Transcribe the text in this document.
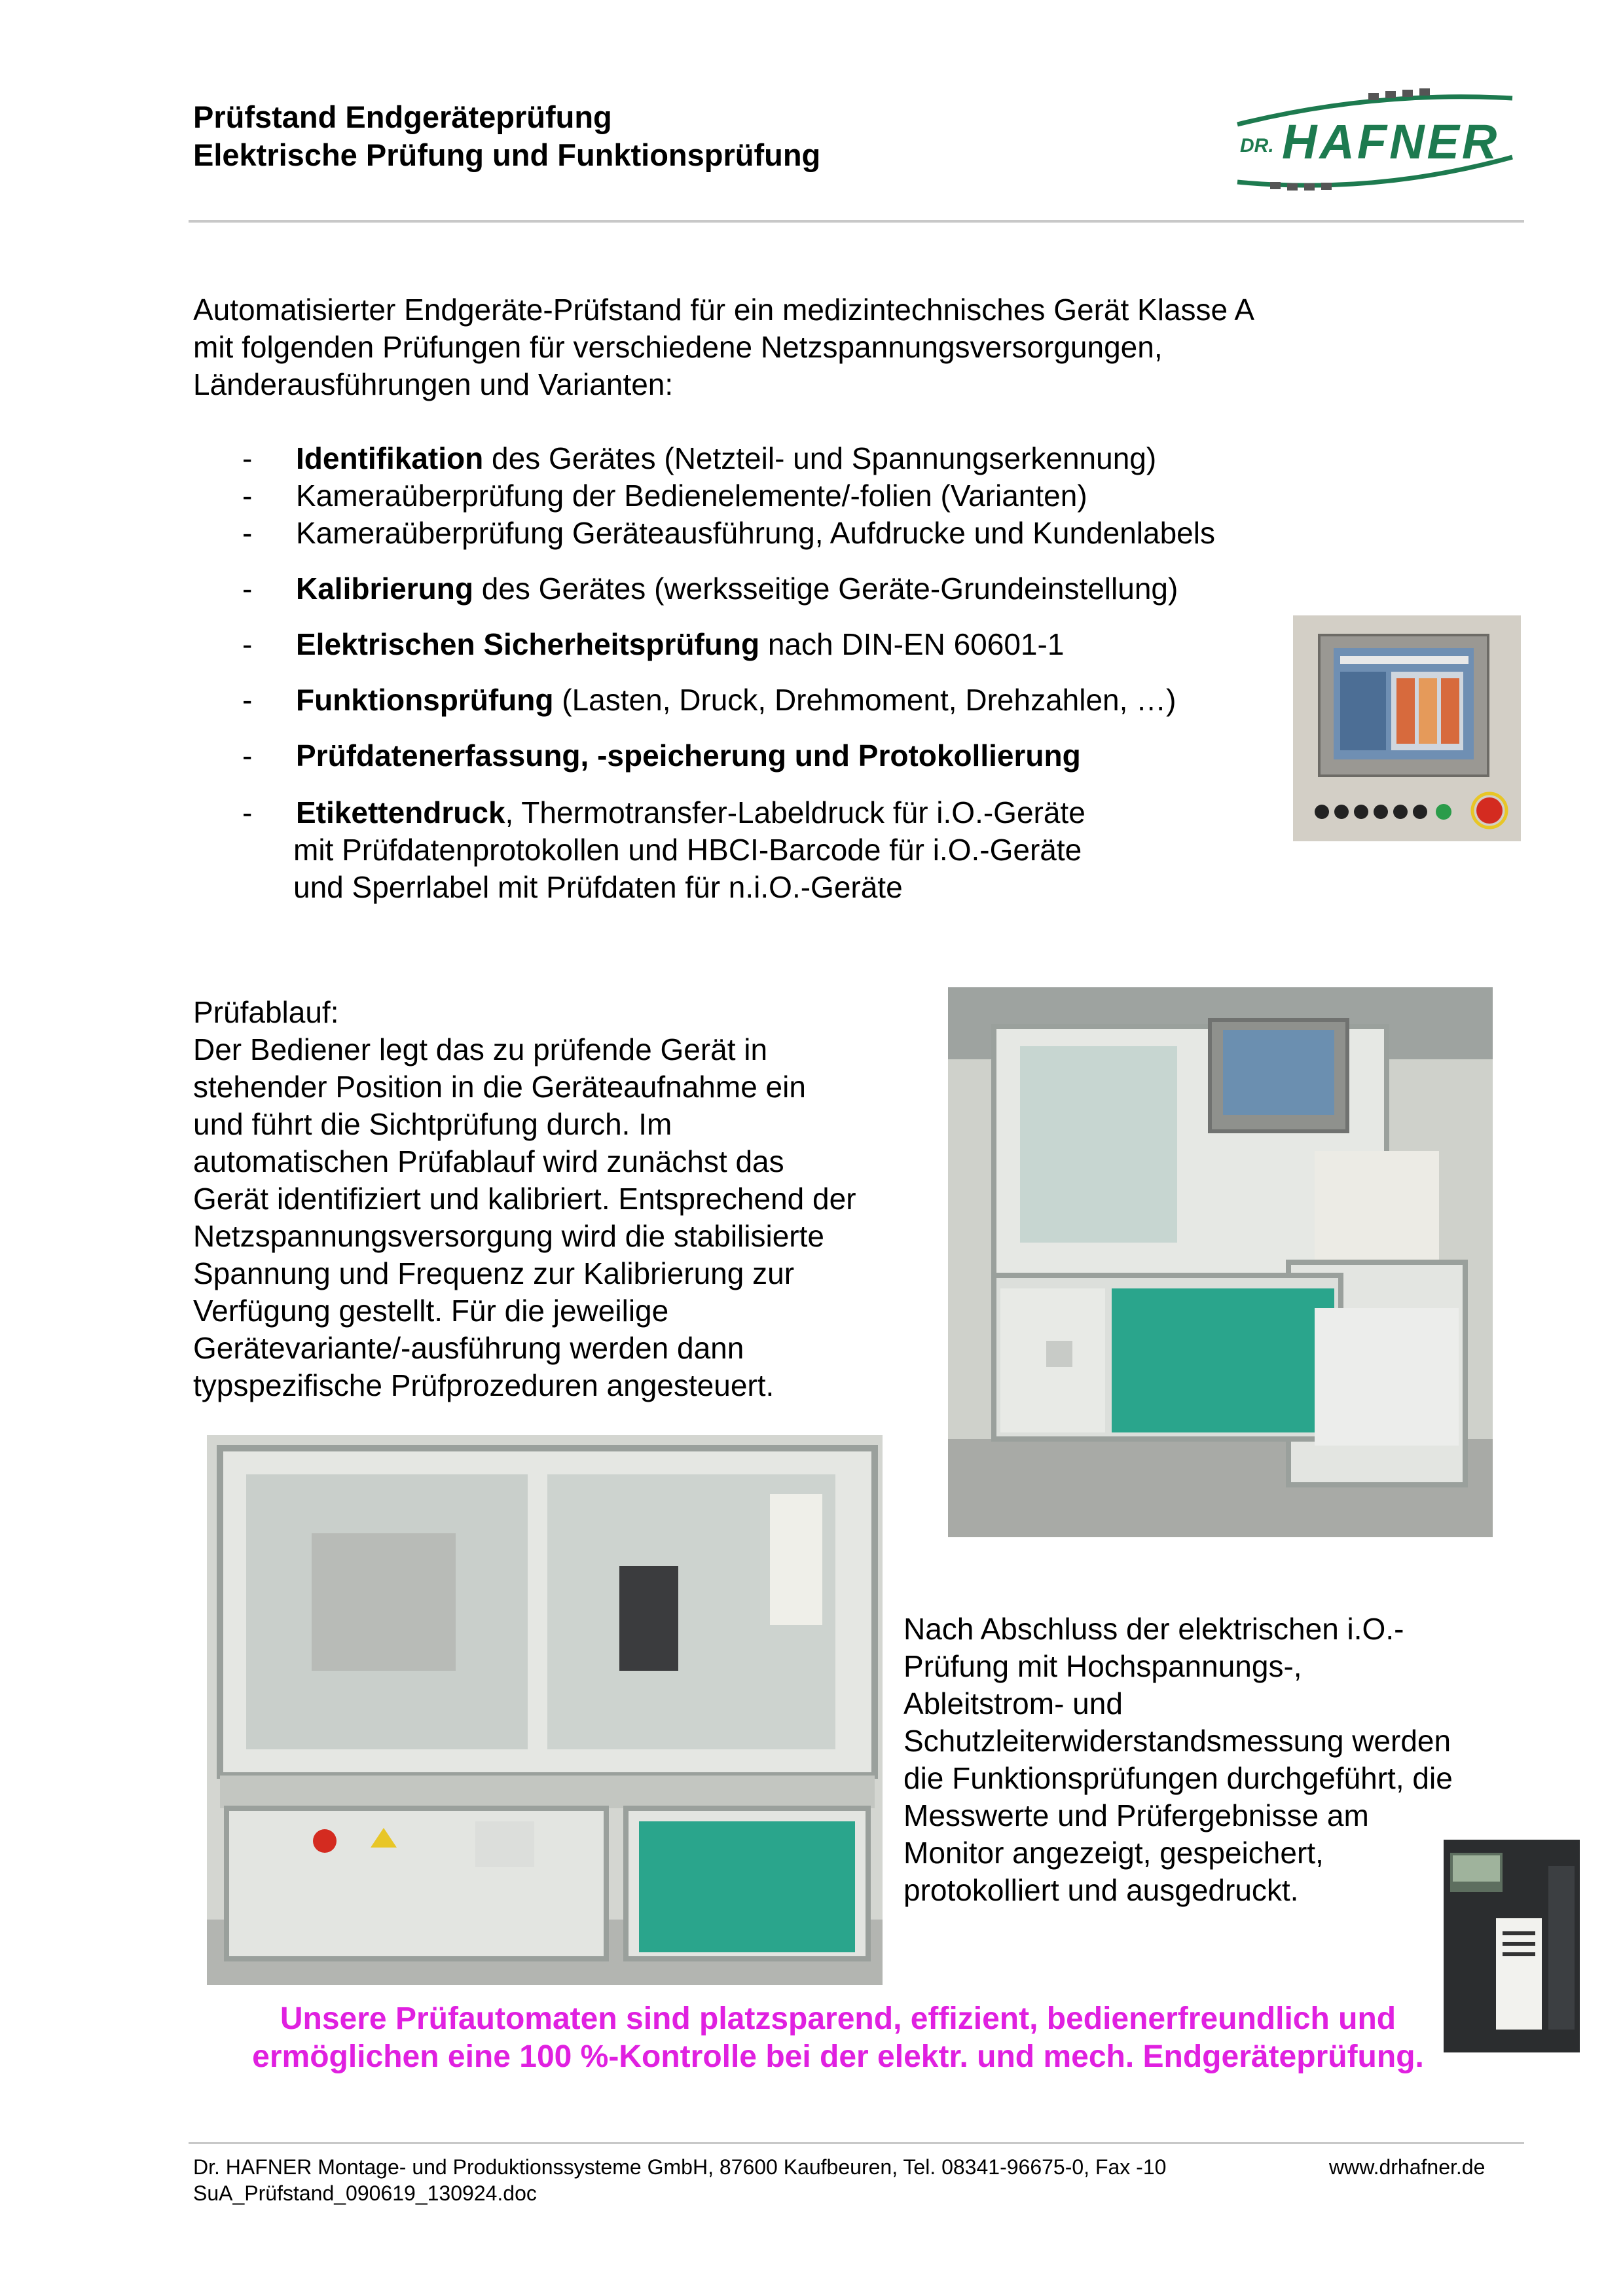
Prüfstand Endgeräteprüfung
Elektrische Prüfung und Funktionsprüfung	DR. HAFNER
Automatisierter Endgeräte-Prüfstand für ein medizintechnisches Gerät Klasse A
mit folgenden Prüfungen für verschiedene Netzspannungsversorgungen,
Länderausführungen und Varianten:
- Identifikation des Gerätes (Netzteil- und Spannungserkennung)
- Kameraüberprüfung der Bedienelemente/-folien (Varianten)
- Kameraüberprüfung Geräteausführung, Aufdrucke und Kundenlabels
- Kalibrierung des Gerätes (werksseitige Geräte-Grundeinstellung)
- Elektrischen Sicherheitsprüfung nach DIN-EN 60601-1
- Funktionsprüfung (Lasten, Druck, Drehmoment, Drehzahlen, …)
- Prüfdatenerfassung, -speicherung und Protokollierung
- Etikettendruck, Thermotransfer-Labeldruck für i.O.-Geräte
mit Prüfdatenprotokollen und HBCI-Barcode für i.O.-Geräte
und Sperrlabel mit Prüfdaten für n.i.O.-Geräte
Prüfablauf:
Der Bediener legt das zu prüfende Gerät in
stehender Position in die Geräteaufnahme ein
und führt die Sichtprüfung durch. Im
automatischen Prüfablauf wird zunächst das
Gerät identifiziert und kalibriert. Entsprechend der
Netzspannungsversorgung wird die stabilisierte
Spannung und Frequenz zur Kalibrierung zur
Verfügung gestellt. Für die jeweilige
Gerätevariante/-ausführung werden dann
typspezifische Prüfprozeduren angesteuert.
Nach Abschluss der elektrischen i.O.-
Prüfung mit Hochspannungs-,
Ableitstrom- und
Schutzleiterwiderstandsmessung werden
die Funktionsprüfungen durchgeführt, die
Messwerte und Prüfergebnisse am
Monitor angezeigt, gespeichert,
protokolliert und ausgedruckt.
Unsere Prüfautomaten sind platzsparend, effizient, bedienerfreundlich und
ermöglichen eine 100 %-Kontrolle bei der elektr. und mech. Endgeräteprüfung.
Dr. HAFNER Montage- und Produktionssysteme GmbH, 87600 Kaufbeuren, Tel. 08341-96675-0, Fax -10
SuA_Prüfstand_090619_130924.doc
www.drhafner.de
